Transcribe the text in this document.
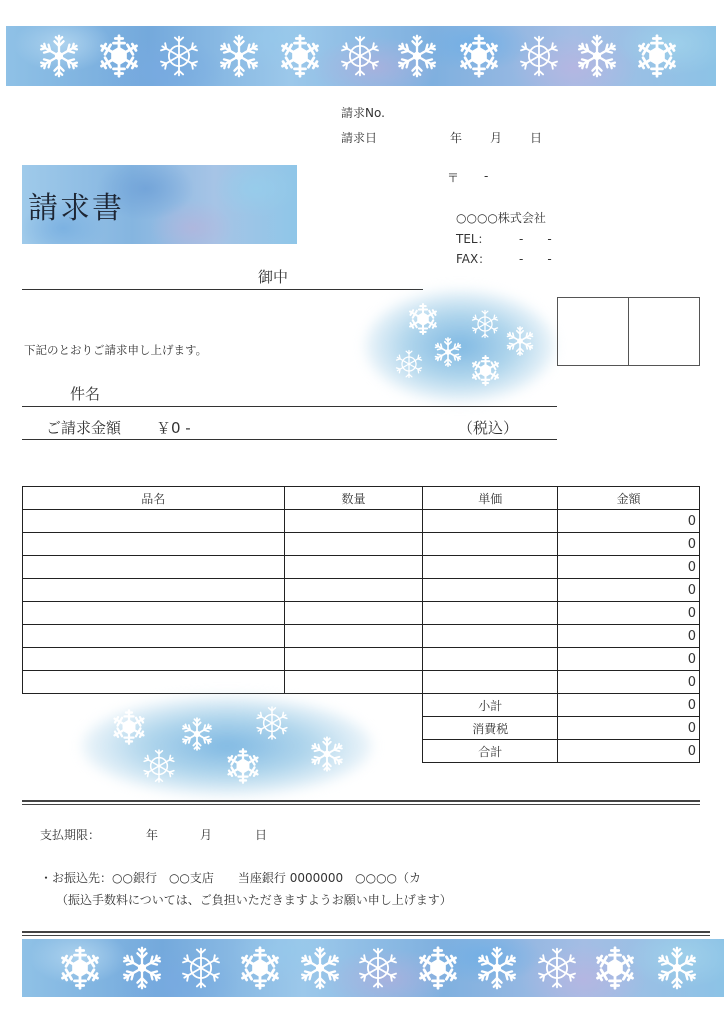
請求No.
請求日	年 月 日
〒 -
○○○○株式会社
TEL： -　　-
FAX： -　　-
請求書
御中
下記のとおりご請求申し上げます。
件名
ご請求金額 ￥0 -	（税込）
品名	数量	単価	金額
			0
			0
			0
			0
			0
			0
			0
			0
		小計	0
		消費税	0
		合計	0
支払期限：	年	月	日
・お振込先：○○銀行　○○支店　　当座銀行 0000000　○○○○（カ
（振込手数料については、ご負担いただきますようお願い申し上げます）
